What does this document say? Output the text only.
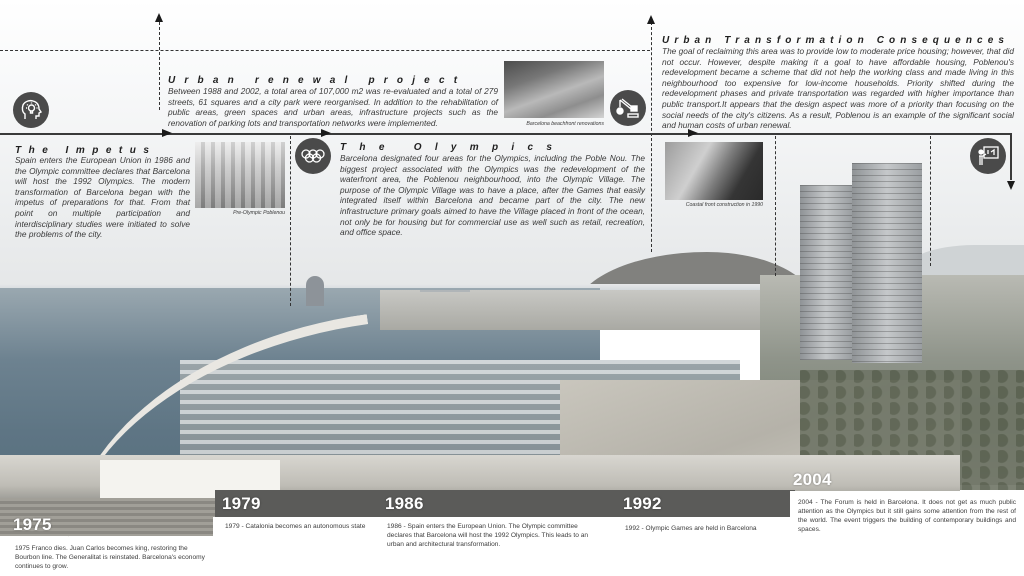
The Impetus
Spain enters the European Union in 1986 and the Olympic committee declares that Barcelona will host the 1992 Olympics. The modern transformation of Barcelona began with the impetus of preparations for that. From that point on multiple participation and interdisciplinary studies were initiated to solve the problems of the city.
Pre-Olympic Poblenou
Urban renewal project
Between 1988 and 2002, a total area of 107,000 m2 was re-evaluated and a total of 279 streets, 61 squares and a city park were reorganised. In addition to the rehabilitation of public areas, green spaces and urban areas, infrastructure projects such as the renovation of parking lots and transportation networks were implemented.	Barcelona beachfront renovations
The Olympics
Barcelona designated four areas for the Olympics, including the Poble Nou. The biggest project associated with the Olympics was the redevelopment of the waterfront area, the Poblenou neighbourhood, into the Olympic Village. The purpose of the Olympic Village was to have a place, after the Games that easily integrated itself within Barcelona and became part of the city. The new infrastructure primary goals aimed to have the Village placed in front of the ocean, not only be for housing but for commercial use as well such as retail, recreation, and office space.
Coastal front construction in 1990
Urban Transformation Consequences
The goal of reclaiming this area was to provide low to moderate price housing; however, that did not occur. However, despite making it a goal to have affordable housing, Poblenou's redevelopment became a scheme that did not help the working class and made living in this neighbourhood too expensive for low-income households. Priority shifted during the redevelopment phases and private transportation was regarded with higher importance than public transport.It appears that the design aspect was more of a priority than focusing on the social needs of the city's citizens. As a result, Poblenou is an example of the significant social and human costs of urban renewal.
1975
1979	1986	1992
2004
1975 Franco dies. Juan Carlos becomes king, restoring the Bourbon line. The Generalitat is reinstated. Barcelona's economy continues to grow.
1979 - Catalonia becomes an autonomous state	1986 - Spain enters the European Union. The Olympic committee declares that Barcelona will host the 1992 Olympics. This leads to an urban and architectural transformation.
1992 - Olympic Games are held in Barcelona
2004 - The Forum is held in Barcelona. It does not get as much public attention as the Olympics but it still gains some attention from the rest of the world. The event triggers the building of contemporary buildings and spaces.
